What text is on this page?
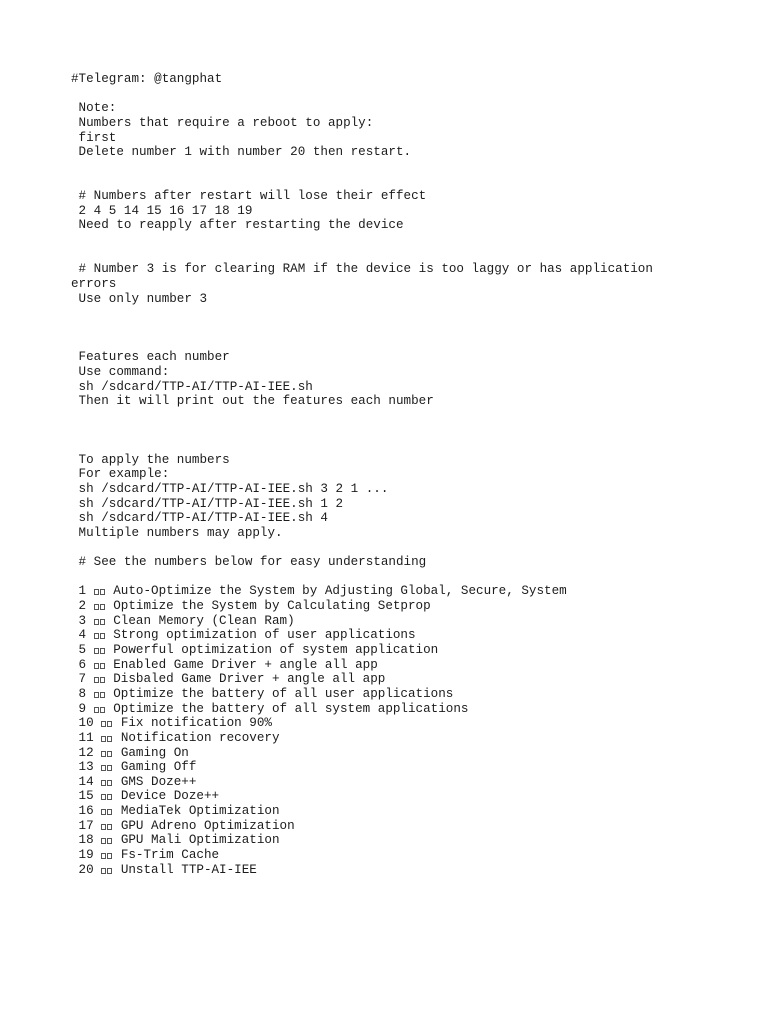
#Telegram: @tangphat
Note:
Numbers that require a reboot to apply:
first
Delete number 1 with number 20 then restart.
# Numbers after restart will lose their effect
2 4 5 14 15 16 17 18 19
Need to reapply after restarting the device
# Number 3 is for clearing RAM if the device is too laggy or has application
errors
Use only number 3
Features each number
Use command:
sh /sdcard/TTP-AI/TTP-AI-IEE.sh
Then it will print out the features each number
To apply the numbers
For example:
sh /sdcard/TTP-AI/TTP-AI-IEE.sh 3 2 1 ...
sh /sdcard/TTP-AI/TTP-AI-IEE.sh 1 2
sh /sdcard/TTP-AI/TTP-AI-IEE.sh 4
Multiple numbers may apply.
# See the numbers below for easy understanding
1 Auto-Optimize the System by Adjusting Global, Secure, System
2 Optimize the System by Calculating Setprop
3 Clean Memory (Clean Ram)
4 Strong optimization of user applications
5 Powerful optimization of system application
6 Enabled Game Driver + angle all app
7 Disbaled Game Driver + angle all app
8 Optimize the battery of all user applications
9 Optimize the battery of all system applications
10 Fix notification 90%
11 Notification recovery
12 Gaming On
13 Gaming Off
14 GMS Doze++
15 Device Doze++
16 MediaTek Optimization
17 GPU Adreno Optimization
18 GPU Mali Optimization
19 Fs-Trim Cache
20 Unstall TTP-AI-IEE
